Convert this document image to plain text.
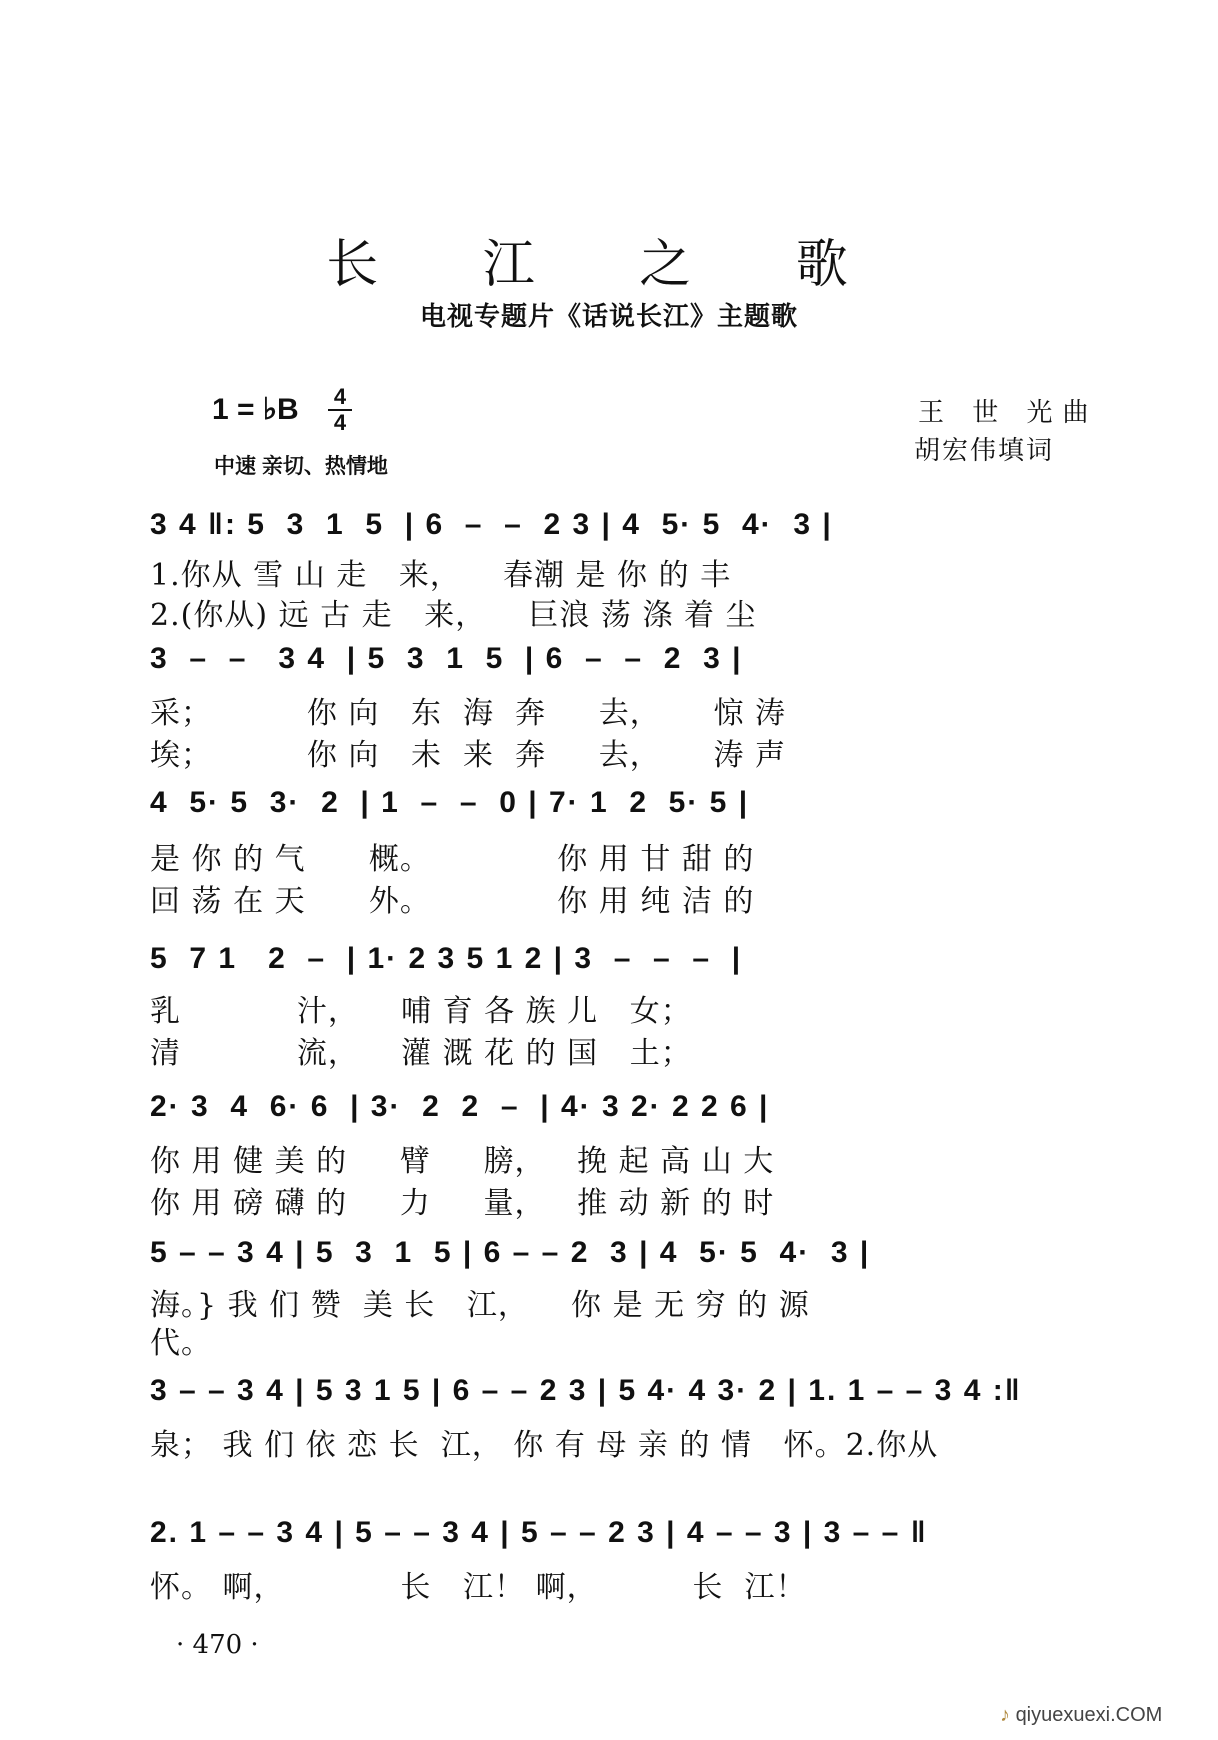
长 江 之 歌
电视专题片《话说长江》主题歌
1 = ♭B 4
4	王 世 光曲
胡宏伟填词
中速 亲切、热情地
3 4 ‖: 5  3  1  5  | 6  –  –  2 3 | 4  5· 5  4·  3 |
1.你从 雪 山 走   来，    春潮 是 你 的 丰
2.(你从) 远 古 走   来，    巨浪 荡 涤 着 尘
3  –  –   3 4  | 5  3  1  5  | 6  –  –  2  3 |
采；         你 向   东  海  奔     去，     惊 涛
埃；         你 向   未  来  奔     去，     涛 声
4  5· 5  3·  2  | 1  –  –  0 | 7· 1  2  5· 5 |
是 你 的 气      概。            你 用 甘 甜 的
回 荡 在 天      外。            你 用 纯 洁 的
5  7 1   2  –  | 1· 2 3 5 1 2 | 3  –  –  –  |
乳           汁，    哺 育 各 族 儿   女；
清           流，    灌 溉 花 的 国   土；
2· 3  4  6· 6  | 3·  2  2  –  | 4· 3 2· 2 2 6 |
你 用 健 美 的     臂     膀，   挽 起 高 山 大
你 用 磅 礴 的     力     量，   推 动 新 的 时
5 – – 3 4 | 5  3  1  5 | 6 – – 2  3 | 4  5· 5  4·  3 |
海。} 我 们 赞  美 长   江，    你 是 无 穷 的 源
代。
3 – – 3 4 | 5 3 1 5 | 6 – – 2 3 | 5 4· 4 3· 2 | 1. 1 – – 3 4 :‖
泉； 我 们 依 恋 长  江， 你 有 母 亲 的 情   怀。2.你从
2. 1 – – 3 4 | 5 – – 3 4 | 5 – – 2 3 | 4 – – 3 | 3 – – ‖
怀。 啊，           长   江！ 啊，         长  江！
· 470 ·
♪ qiyuexuexi.COM
